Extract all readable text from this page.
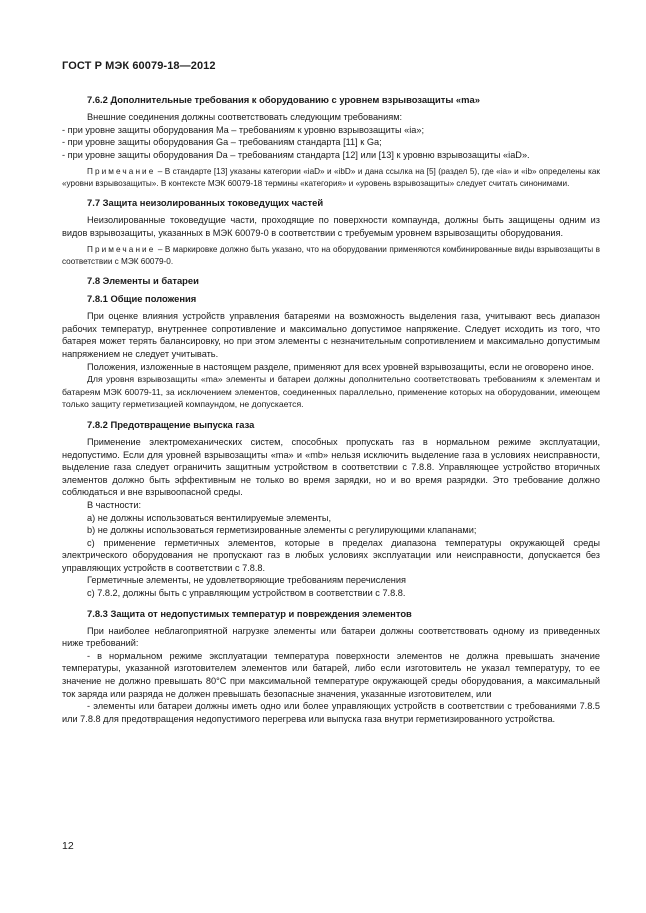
ГОСТ Р МЭК 60079-18—2012
7.6.2 Дополнительные требования к оборудованию с уровнем взрывозащиты «ma»

Внешние соединения должны соответствовать следующим требованиям:

- при уровне защиты оборудования Ma – требованиям к уровню взрывозащиты «ia»;

- при уровне защиты оборудования Ga – требованиям стандарта [11] к Ga;

- при уровне защиты оборудования Da – требованиям стандарта [12] или [13] к уровню взрывозащиты «iaD».

Примечание – В стандарте [13] указаны категории «iaD» и «ibD» и дана ссылка на [5] (раздел 5), где «ia» и «ib» определены как «уровни взрывозащиты». В контексте МЭК 60079-18 термины «категория» и «уровень взрывозащиты» следует считать синонимами.

7.7 Защита неизолированных токоведущих частей

Неизолированные токоведущие части, проходящие по поверхности компаунда, должны быть защищены одним из видов взрывозащиты, указанных в МЭК 60079-0 в соответствии с требуемым уровнем взрывозащиты оборудования.

Примечание – В маркировке должно быть указано, что на оборудовании применяются комбинированные виды взрывозащиты в соответствии с МЭК 60079-0.

7.8 Элементы и батареи
7.8.1 Общие положения

При оценке влияния устройств управления батареями на возможность выделения газа, учитывают весь диапазон рабочих температур, внутреннее сопротивление и максимально допустимое напряжение. Следует исходить из того, что батарея может терять балансировку, но при этом элементы с незначительным сопротивлением и максимально допустимым напряжением не следует учитывать.

Положения, изложенные в настоящем разделе, применяют для всех уровней взрывозащиты, если не оговорено иное.

Для уровня взрывозащиты «ma» элементы и батареи должны дополнительно соответствовать требованиям к элементам и батареям МЭК 60079-11, за исключением элементов, соединенных параллельно, применение которых на оборудовании, имеющем только защиту герметизацией компаундом, не допускается.

7.8.2 Предотвращение выпуска газа

Применение электромеханических систем, способных пропускать газ в нормальном режиме эксплуатации, недопустимо. Если для уровней взрывозащиты «ma» и «mb» нельзя исключить выделение газа в условиях неисправности, выделение газа следует ограничить защитным устройством в соответствии с 7.8.8. Управляющее устройство вторичных элементов должно быть эффективным не только во время зарядки, но и во время разрядки. Это требование должно соблюдаться и вне взрывоопасной среды.

В частности:

a) не должны использоваться вентилируемые элементы,

b) не должны использоваться герметизированные элементы с регулирующими клапанами;

c) применение герметичных элементов, которые в пределах диапазона температуры окружающей среды электрического оборудования не пропускают газ в любых условиях эксплуатации или неисправности, допускается без управляющих устройств в соответствии с 7.8.8.

Герметичные элементы, не удовлетворяющие требованиям перечисления

c) 7.8.2, должны быть с управляющим устройством в соответствии с 7.8.8.

7.8.3 Защита от недопустимых температур и повреждения элементов

При наиболее неблагоприятной нагрузке элементы или батареи должны соответствовать одному из приведенных ниже требований:

- в нормальном режиме эксплуатации температура поверхности элементов не должна превышать значение температуры, указанной изготовителем элементов или батарей, либо если изготовитель не указал температуру, то ее значение не должно превышать 80°С при максимальной температуре окружающей среды оборудования, а максимальный ток заряда или разряда не должен превышать безопасные значения, указанные изготовителем, или

- элементы или батареи должны иметь одно или более управляющих устройств в соответствии с требованиями 7.8.5 или 7.8.8 для предотвращения недопустимого перегрева или выпуска газа внутри герметизированного устройства.

12
